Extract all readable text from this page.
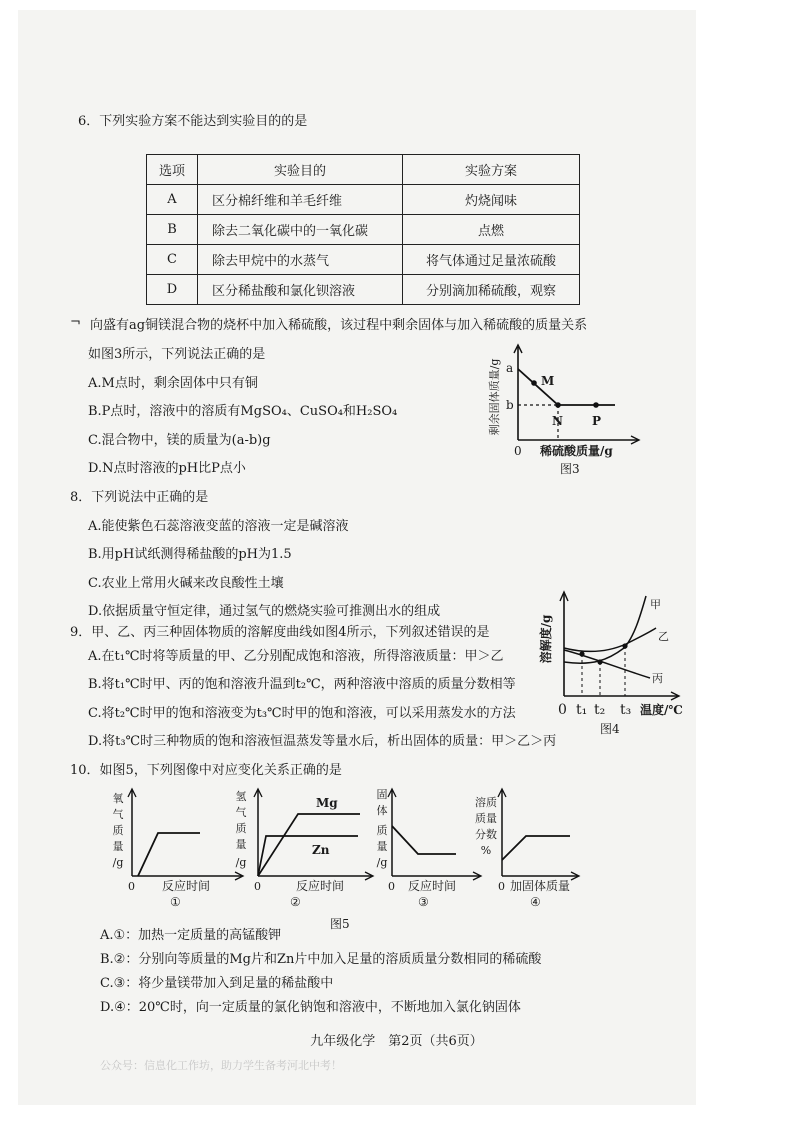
6．下列实验方案不能达到实验目的的是
选项	实验目的	实验方案
A	区分棉纤维和羊毛纤维	灼烧闻味
B	除去二氧化碳中的一氧化碳	点燃
C	除去甲烷中的水蒸气	将气体通过足量浓硫酸
D	区分稀盐酸和氯化钡溶液	分别滴加稀硫酸，观察
¬ 向盛有ag铜镁混合物的烧杯中加入稀硫酸，该过程中剩余固体与加入稀硫酸的质量关系
如图3所示，下列说法正确的是
A.M点时，剩余固体中只有铜
B.P点时，溶液中的溶质有MgSO₄、CuSO₄和H₂SO₄
C.混合物中，镁的质量为(a-b)g
D.N点时溶液的pH比P点小
剩余固体质量/g a
b
M
N P
0 稀硫酸质量/g
图3
8．下列说法中正确的是
A.能使紫色石蕊溶液变蓝的溶液一定是碱溶液
B.用pH试纸测得稀盐酸的pH为1.5
C.农业上常用火碱来改良酸性土壤
D.依据质量守恒定律，通过氢气的燃烧实验可推测出水的组成
9．甲、乙、丙三种固体物质的溶解度曲线如图4所示，下列叙述错误的是
A.在t₁℃时将等质量的甲、乙分别配成饱和溶液，所得溶液质量：甲＞乙
B.将t₁℃时甲、丙的饱和溶液升温到t₂℃，两种溶液中溶质的质量分数相等
C.将t₂℃时甲的饱和溶液变为t₃℃时甲的饱和溶液，可以采用蒸发水的方法
D.将t₃℃时三种物质的饱和溶液恒温蒸发等量水后，析出固体的质量：甲＞乙＞丙
溶解度/g
甲
乙
丙
0 t₁ t₂ t₃ 温度/℃
图4
10．如图5，下列图像中对应变化关系正确的是
氧
气
质
量
/g
0 反应时间
①
氢
气
质
量
/g
Mg
Zn
0	反应时间
②
固
体
质
量
/g
0 反应时间
③
溶质
质量
分数
%
0 加固体质量
④
图5
A.①：加热一定质量的高锰酸钾
B.②：分别向等质量的Mg片和Zn片中加入足量的溶质质量分数相同的稀硫酸
C.③：将少量镁带加入到足量的稀盐酸中
D.④：20℃时，向一定质量的氯化钠饱和溶液中，不断地加入氯化钠固体
九年级化学　第2页（共6页）
公众号：信息化工作坊，助力学生备考河北中考！
